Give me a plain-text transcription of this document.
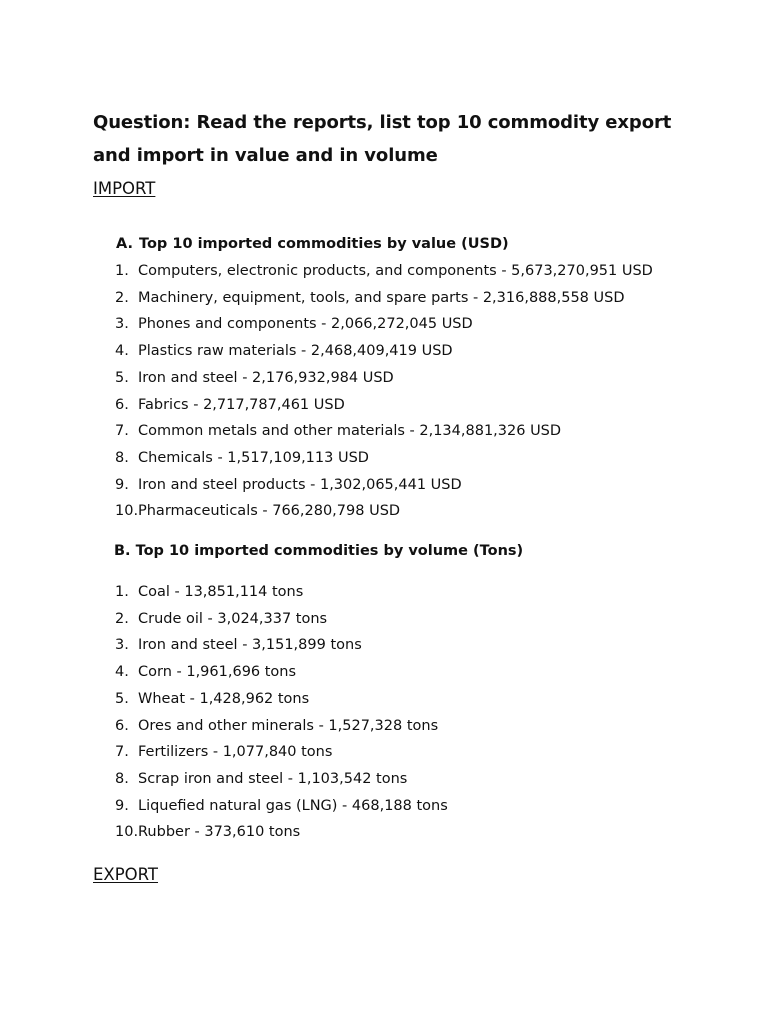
Question: Read the reports, list top 10 commodity export
and import in value and in volume
IMPORT
A. Top 10 imported commodities by value (USD)
1. Computers, electronic products, and components - 5,673,270,951 USD
2. Machinery, equipment, tools, and spare parts - 2,316,888,558 USD
3. Phones and components - 2,066,272,045 USD
4. Plastics raw materials - 2,468,409,419 USD
5. Iron and steel - 2,176,932,984 USD
6. Fabrics - 2,717,787,461 USD
7. Common metals and other materials - 2,134,881,326 USD
8. Chemicals - 1,517,109,113 USD
9. Iron and steel products - 1,302,065,441 USD
10. Pharmaceuticals - 766,280,798 USD
B. Top 10 imported commodities by volume (Tons)
1. Coal - 13,851,114 tons
2. Crude oil - 3,024,337 tons
3. Iron and steel - 3,151,899 tons
4. Corn - 1,961,696 tons
5. Wheat - 1,428,962 tons
6. Ores and other minerals - 1,527,328 tons
7. Fertilizers - 1,077,840 tons
8. Scrap iron and steel - 1,103,542 tons
9. Liquefied natural gas (LNG) - 468,188 tons
10. Rubber - 373,610 tons
EXPORT
